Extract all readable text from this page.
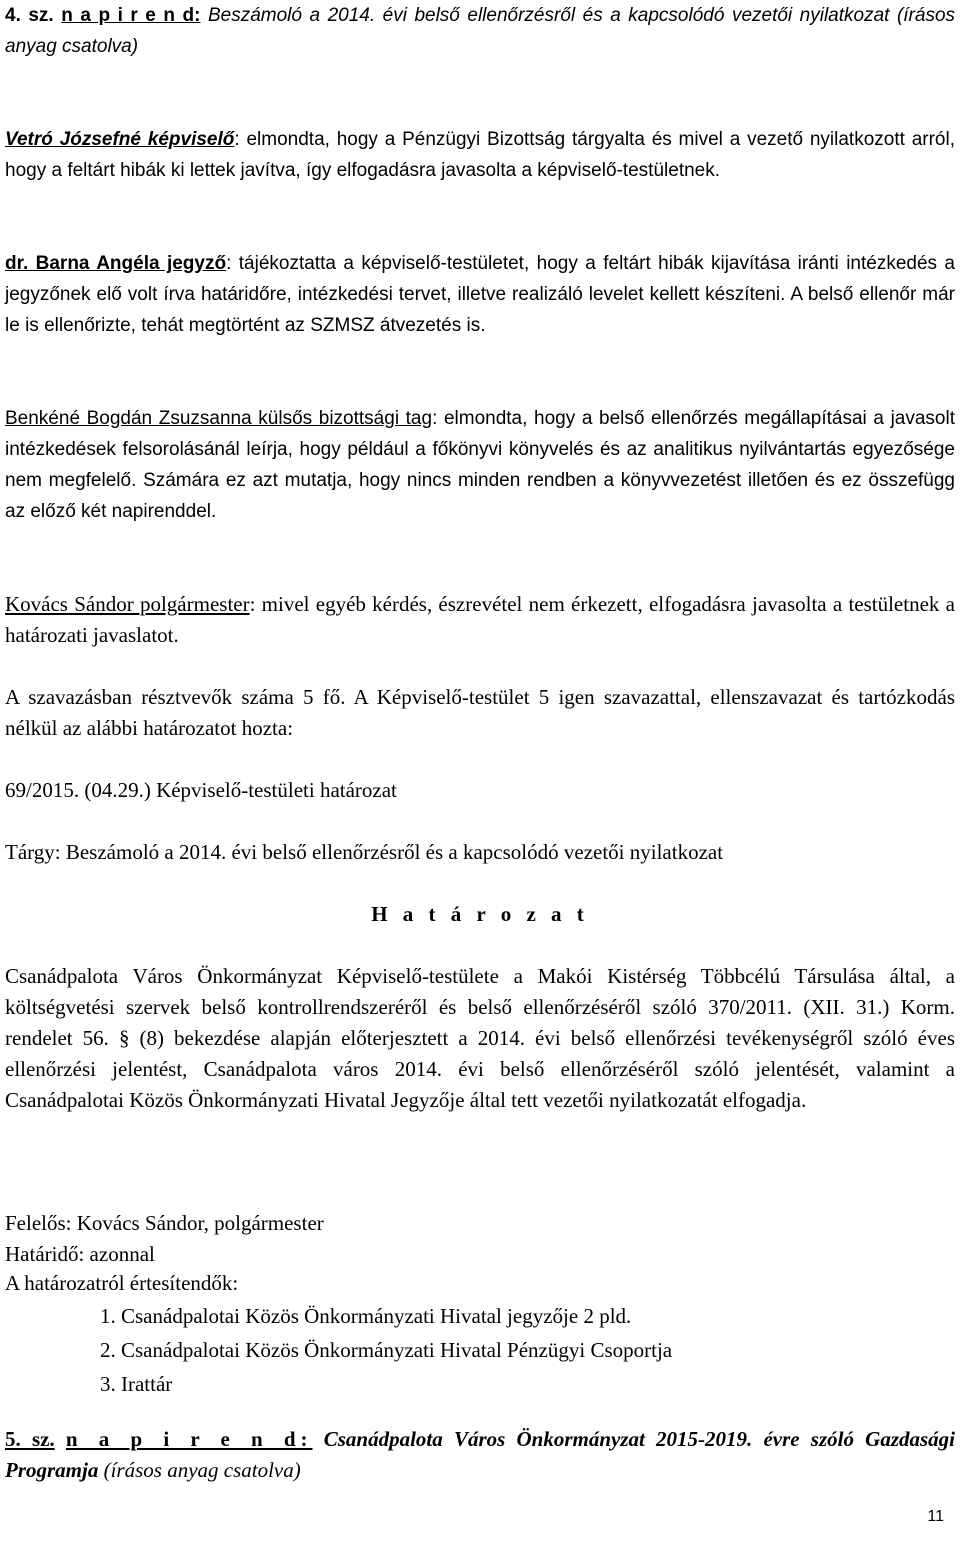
4. sz. n a p i r e n d: Beszámoló a 2014. évi belső ellenőrzésről és a kapcsolódó vezetői nyilatkozat (írásos anyag csatolva)

Vetró Józsefné képviselő: elmondta, hogy a Pénzügyi Bizottság tárgyalta és mivel a vezető nyilatkozott arról, hogy a feltárt hibák ki lettek javítva, így elfogadásra javasolta a képviselő-testületnek.

dr. Barna Angéla jegyző: tájékoztatta a képviselő-testületet, hogy a feltárt hibák kijavítása iránti intézkedés a jegyzőnek elő volt írva határidőre, intézkedési tervet, illetve realizáló levelet kellett készíteni. A belső ellenőr már le is ellenőrizte, tehát megtörtént az SZMSZ átvezetés is.

Benkéné Bogdán Zsuzsanna külsős bizottsági tag: elmondta, hogy a belső ellenőrzés megállapításai a javasolt intézkedések felsorolásánál leírja, hogy például a főkönyvi könyvelés és az analitikus nyilvántartás egyezősége nem megfelelő. Számára ez azt mutatja, hogy nincs minden rendben a könyvvezetést illetően és ez összefügg az előző két napirenddel.

Kovács Sándor polgármester: mivel egyéb kérdés, észrevétel nem érkezett, elfogadásra javasolta a testületnek a határozati javaslatot.

A szavazásban résztvevők száma 5 fő. A Képviselő-testület 5 igen szavazattal, ellenszavazat és tartózkodás nélkül az alábbi határozatot hozta:

69/2015. (04.29.) Képviselő-testületi határozat

Tárgy: Beszámoló a 2014. évi belső ellenőrzésről és a kapcsolódó vezetői nyilatkozat

H a t á r o z a t

Csanádpalota Város Önkormányzat Képviselő-testülete a Makói Kistérség Többcélú Társulása által, a költségvetési szervek belső kontrollrendszeréről és belső ellenőrzéséről szóló 370/2011. (XII. 31.) Korm. rendelet 56. § (8) bekezdése alapján előterjesztett a 2014. évi belső ellenőrzési tevékenységről szóló éves ellenőrzési jelentést, Csanádpalota város 2014. évi belső ellenőrzéséről szóló jelentését, valamint a Csanádpalotai Közös Önkormányzati Hivatal Jegyzője által tett vezetői nyilatkozatát elfogadja.

Felelős: Kovács Sándor, polgármester

Határidő: azonnal

A határozatról értesítendők:

1. Csanádpalotai Közös Önkormányzati Hivatal jegyzője 2 pld.
2. Csanádpalotai Közös Önkormányzati Hivatal Pénzügyi Csoportja
3. Irattár

5. sz. n a p i r e n d: Csanádpalota Város Önkormányzat 2015-2019. évre szóló Gazdasági Programja (írásos anyag csatolva)

11
